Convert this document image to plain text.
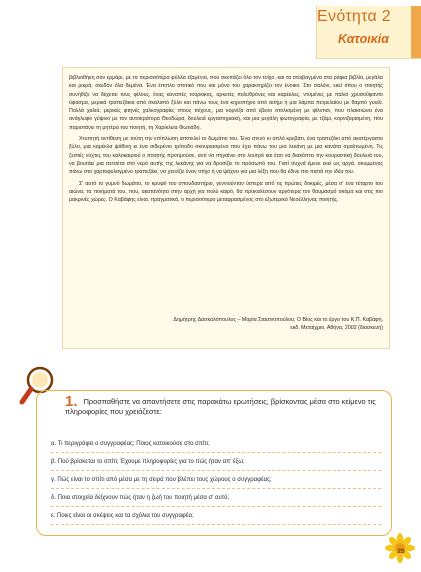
Ενότητα 2
Κατοικία

βιβλιοθήκη σαν ερμάρι, με τα περισσότερα φύλλα τζαμένια, που σκεπάζει όλο τον τοίχο, και τα στοιβαγμένα στα ράφια βιβλία, μεγάλα και μικρά, σκεδόν όλα δεμένα. Ένα έπιπλο σπιτικό που και μόνο του χαρακτηρίζει τον ένοικο. Στο σαλόνι, εκεί όπου ο ποιητής συνήθιζε να δέχεται τους φίλους, ένας καναπές τούρκικος, αρκετές πολυθρόνες και καρέκλες, ντυμένες με παλιό χρυσοΰφαντο ύφασμα, μερικά τραπεζάκια από σκαλιστό ξύλο και πάνω τους ένα κηροπήγιο από ασήμι ή μια λάμπα πετρελαίου με θαμπό γυαλί. Πολλά χαλιά, μερικές φτηνές χαλκογραφίες στους τοίχους, μια κορνίζα από έβενο στολισμένη με φίλντισι, που πλαισιώνει ένα ανάγλυφο γύψινο με τον αυτοκράτορα Θεοδώρα, δουλειά εργαστηριακή, και μια μεγάλη φωτογραφία, με τζάμι, κορνιζαρισμένη, που παριστάνει τη μητέρα του ποιητή, τη Χαρίκλεια Φωτιάδη.

Χτυπητή αντίθεση με τούτη την επίπλωση αποτελεί το δωμάτιο του. Ένα στενό κι απλό κρεβάτι, ένα τραπεζάκι από ακατέργαστο ξύλο, μια καρέκλα ψάθινη κι ένα σιδερένιο τρίποδο σκουριασμένο που έχει πάνω του μια λεκάνη με μια κανάτα σμαλτωμένη. Τις ζεστές νύχτες του καλοκαιριού ο ποιητής προτιμούσε, αντί να πηγαίνει στο λουτρό και έτσι να διακόπτει την κουραστική δουλειά του, να βουτάει μια πετσέτα στο νερό αυτής της λεκάνης για να δροσίζει το πρόσωπό του. Γιατί συχνά έμενε εκεί ως αργά, σκυμμένος πάνω στο χαρτοφυλαγμένο τραπεζάκι, να χτενίζει έναν στίχο ή να ψάχνει για μια λέξη που θα έδινε πιο πιστά την ιδέα του.

Σ' αυτό το γυμνό δωμάτιο, το κρυφό του σπουδαστήριο, γεννιούνταν ύστερα από τις πρώτες δοκιμές, μέσα σ' ένα τέταρτο του αιώνα, τα ποιήματά του, που, ακατανόητα στην αρχή για πολύ καιρό, θα προκαλέσουν αργότερα τον θαυμασμό σκόμα και στις πιο μακρινές χώρες. Ο Καβάφης είναι, πραγματικά, ο περισσότερο μεταφρασμένος στο εξωτερικό Νεοέλληνας ποιητής.

Δημήτρης Δασκαλόπουλος – Μαρία Στασινοπούλου, Ο Βίος και το έργο του Κ.Π. Καβάφη,
εκδ. Μεταίχμιο, Αθήνα, 2002 (διασκευή)
1. Προσπαθήστε να απαντήσετε στις παρακάτω ερωτήσεις, βρίσκοντας μέσα στο κείμενο τις πληροφορίες που χρειάζεστε:
α. Τι περιγράφει ο συγγραφέας; Ποιος κατοικούσε στο σπίτι;
β. Πού βρίσκεται το σπίτι; Έχουμε πληροφορίες για το πώς ήταν απ' έξω;
γ. Πώς είναι το σπίτι από μέσα με τη σειρά που βλέπει τους χώρους ο συγγραφέας;
δ. Ποια στοιχεία δείχνουν πώς ήταν η ζωή του ποιητή μέσα σ' αυτό;
ε. Ποιες είναι οι σκέψεις και τα σχόλια του συγγραφέα;
25
